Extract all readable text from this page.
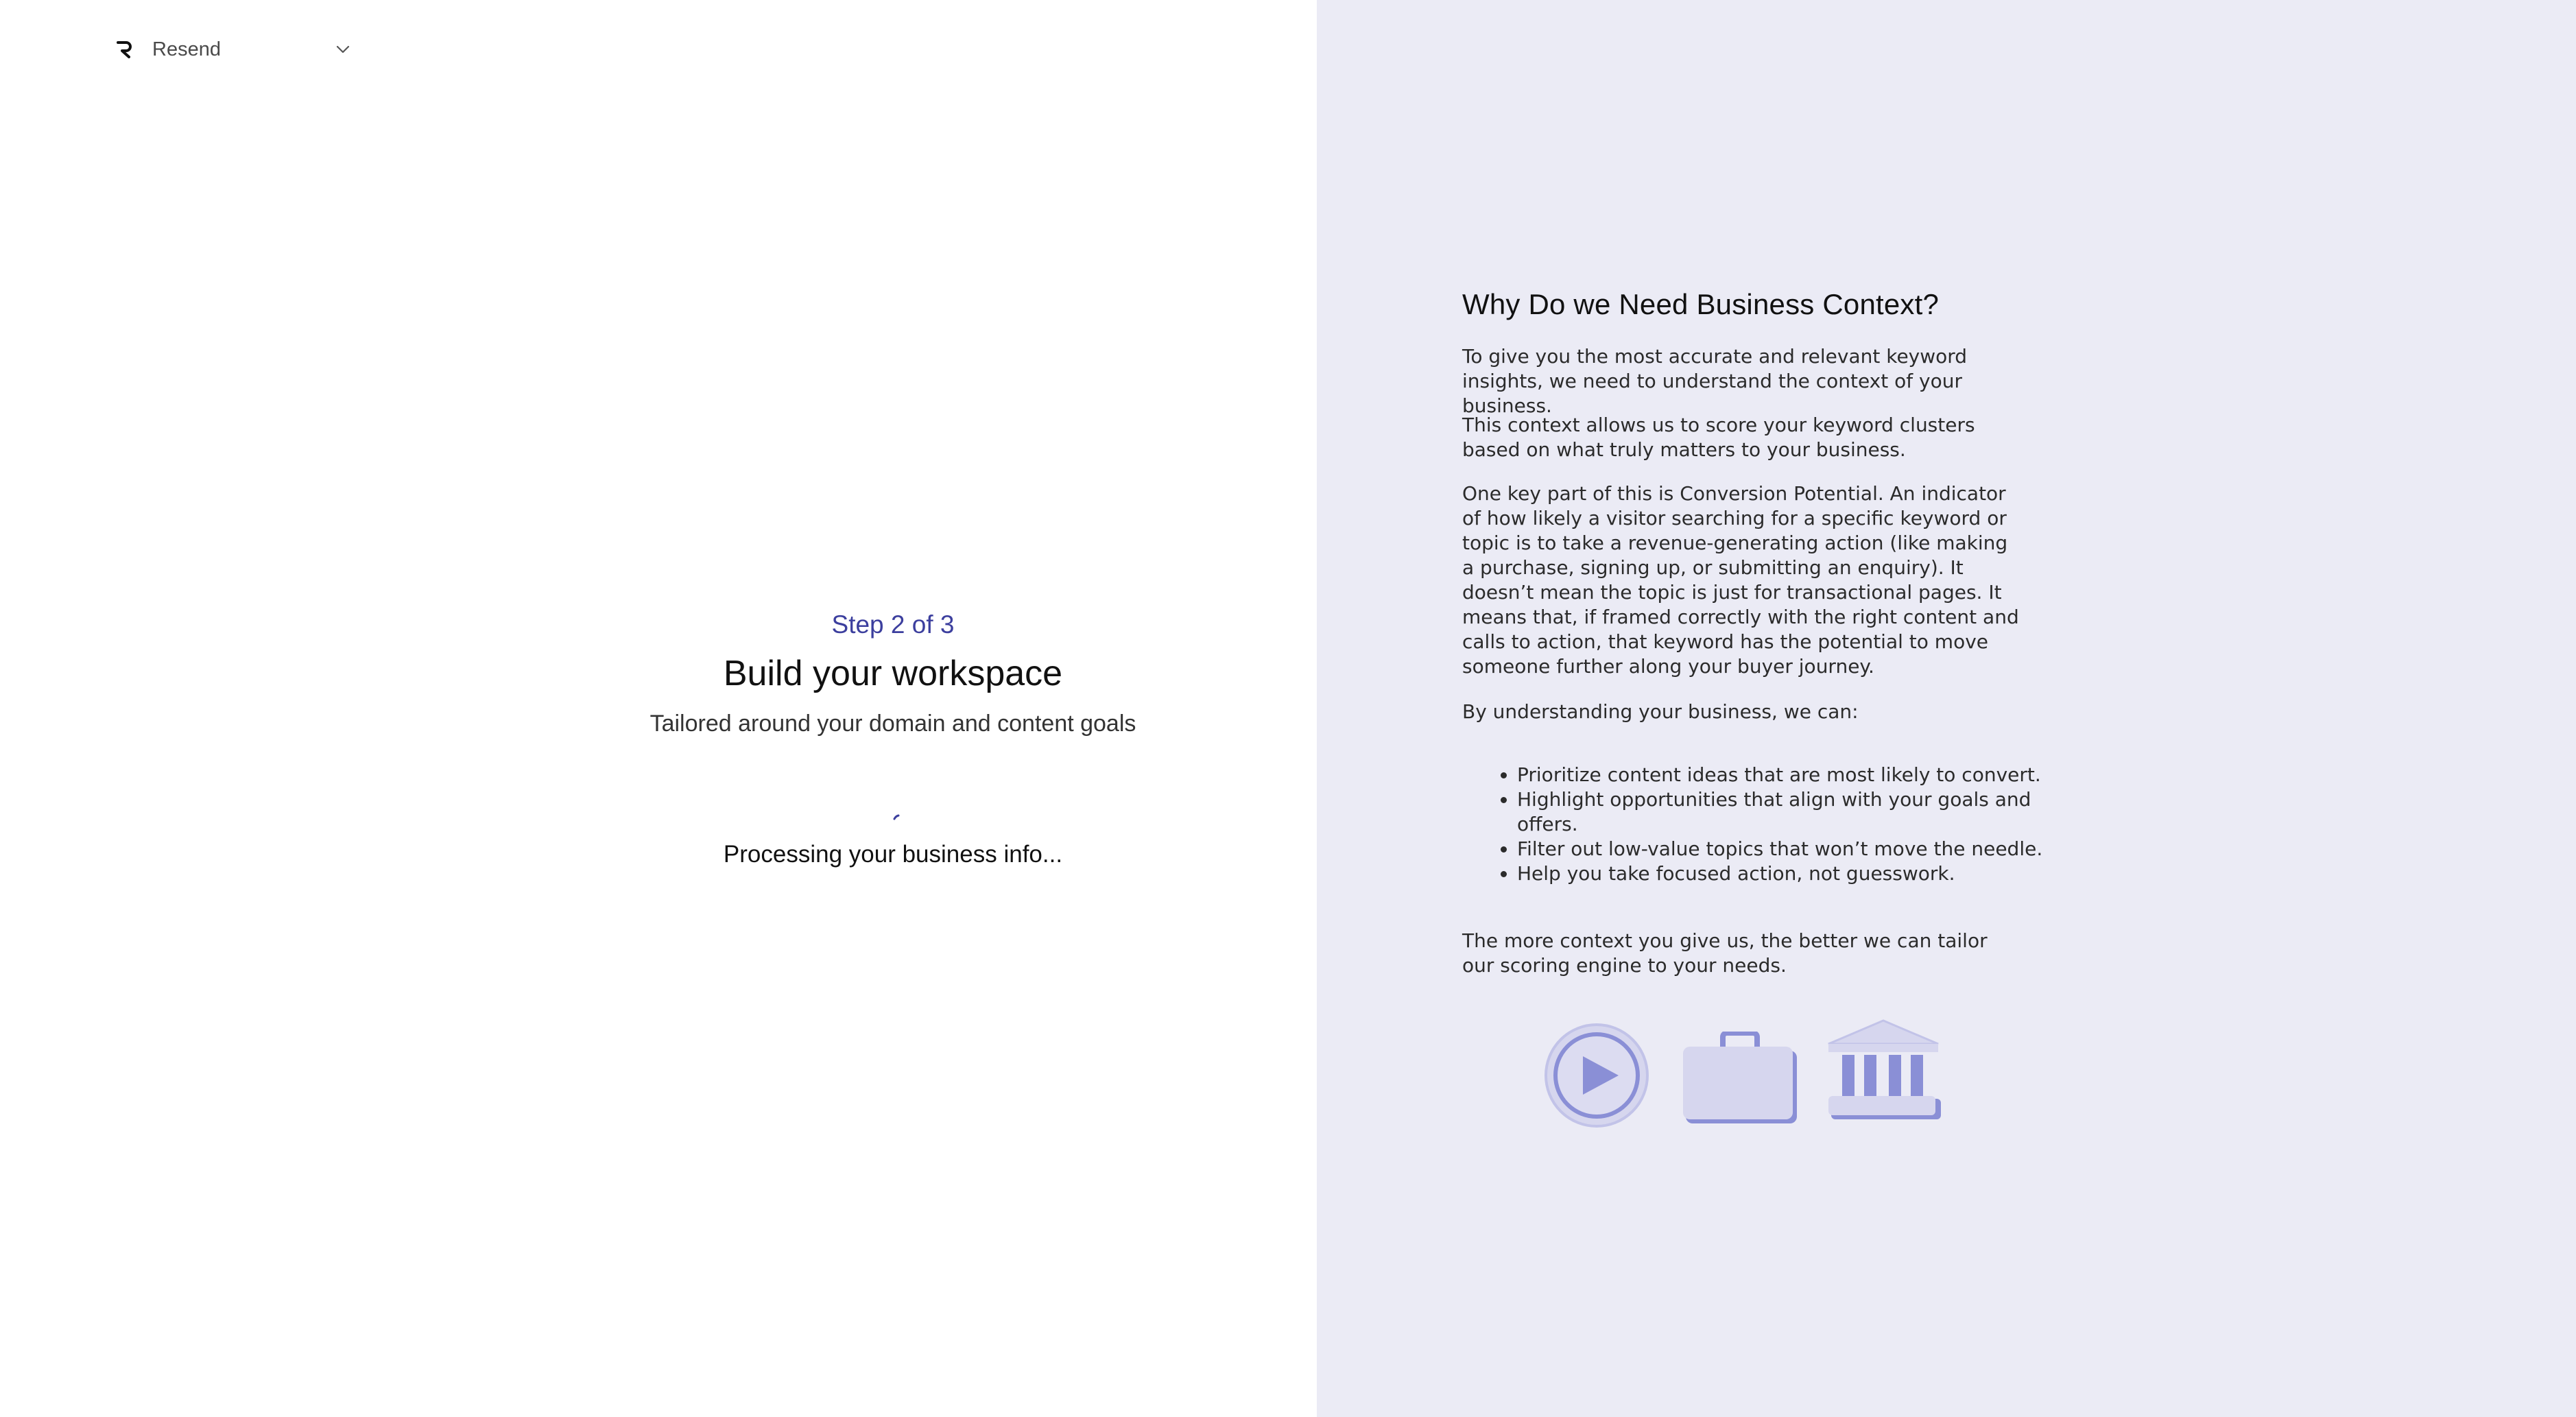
Resend
Step 2 of 3
Build your workspace
Tailored around your domain and content goals
Processing your business info...
Why Do we Need Business Context?

To give you the most accurate and relevant keyword insights, we need to understand the context of your business.

This context allows us to score your keyword clusters based on what truly matters to your business.

One key part of this is Conversion Potential. An indicator of how likely a visitor searching for a specific keyword or topic is to take a revenue-generating action (like making a purchase, signing up, or submitting an enquiry). It doesn’t mean the topic is just for transactional pages. It means that, if framed correctly with the right content and calls to action, that keyword has the potential to move someone further along your buyer journey.

By understanding your business, we can:

• Prioritize content ideas that are most likely to convert.
• Highlight opportunities that align with your goals and offers.
• Filter out low-value topics that won’t move the needle.
• Help you take focused action, not guesswork.

The more context you give us, the better we can tailor our scoring engine to your needs.
